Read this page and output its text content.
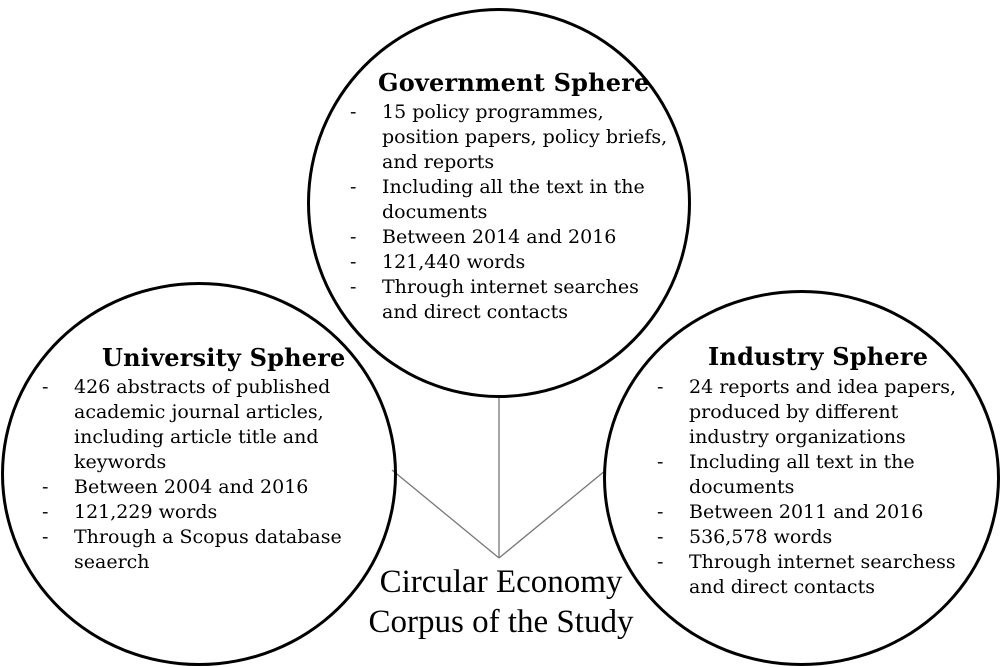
Government Sphere
- 15 policy programmes, position papers, policy briefs, and reports
- Including all the text in the documents
- Between 2014 and 2016
- 121,440 words
- Through internet searches and direct contacts
University Sphere
- 426 abstracts of published academic journal articles, including article title and keywords
- Between 2004 and 2016
- 121,229 words
- Through a Scopus database seaerch
Industry Sphere
- 24 reports and idea papers, produced by different industry organizations
- Including all text in the documents
- Between 2011 and 2016
- 536,578 words
- Through internet searchess and direct contacts
Circular Economy
Corpus of the Study
